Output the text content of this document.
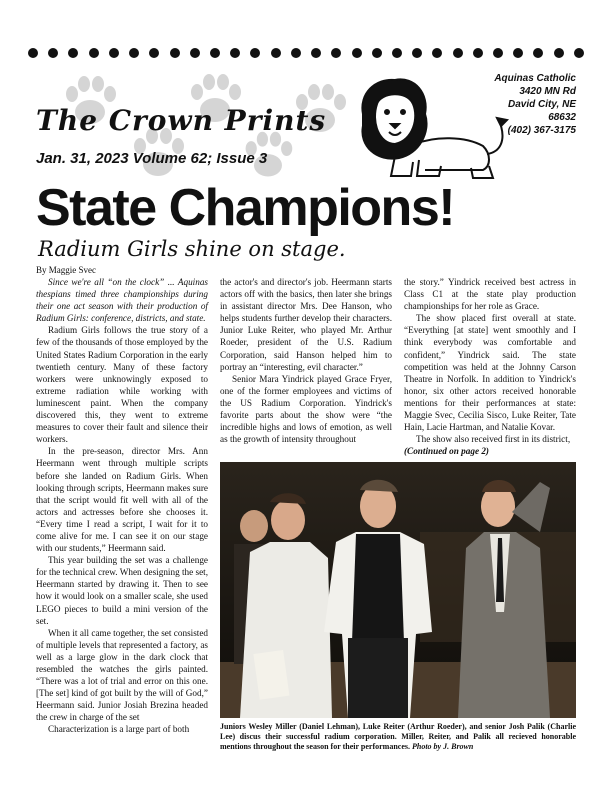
The Crown Prints
Jan. 31, 2023 Volume 62; Issue 3
Aquinas Catholic
3420 MN Rd
David City, NE
68632
(402) 367-3175
State Champions!
Radium Girls shine on stage.
By Maggie Svec

Since we're all “on the clock” ... Aquinas thespians timed three championships during their one act season with their production of Radium Girls: conference, districts, and state.

Radium Girls follows the true story of a few of the thousands of those employed by the United States Radium Corporation in the early twentieth century. Many of these factory workers were unknowingly exposed to extreme radiation while working with luminescent paint. When the company discovered this, they went to extreme measures to cover their fault and silence their workers.

In the pre-season, director Mrs. Ann Heermann went through multiple scripts before she landed on Radium Girls. When looking through scripts, Heermann makes sure that the script would fit well with all of the actors and actresses before she chooses it. “Every time I read a script, I wait for it to come alive for me. I can see it on our stage with our students,” Heermann said.

This year building the set was a challenge for the technical crew. When designing the set, Heermann started by drawing it. Then to see how it would look on a smaller scale, she used LEGO pieces to build a mini version of the set.

When it all came together, the set consisted of multiple levels that represented a factory, as well as a large glow in the dark clock that resembled the watches the girls painted. “There was a lot of trial and error on this one. [The set] kind of got built by the will of God,” Heermann said. Junior Josiah Brezina headed the crew in charge of the set

Characterization is a large part of both

the actor's and director's job. Heermann starts actors off with the basics, then later she brings in assistant director Mrs. Dee Hanson, who helps students further develop their characters. Junior Luke Reiter, who played Mr. Arthur Roeder, president of the U.S. Radium Corporation, said Hanson helped him to portray an “interesting, evil character.”

Senior Mara Yindrick played Grace Fryer, one of the former employees and victims of the US Radium Corporation. Yindrick's favorite parts about the show were “the incredible highs and lows of emotion, as well as the growth of intensity throughout

the story.” Yindrick received best actress in Class C1 at the state play production championships for her role as Grace.

The show placed first overall at state. “Everything [at state] went smoothly and I think everybody was comfortable and confident,” Yindrick said. The state competition was held at the Johnny Carson Theatre in Norfolk. In addition to Yindrick's honor, six other actors received honorable mentions for their performances at state: Maggie Svec, Cecilia Sisco, Luke Reiter, Tate Hain, Lacie Hartman, and Natalie Kovar.

The show also received first in its district,

(Continued on page 2)

Juniors Wesley Miller (Daniel Lehman), Luke Reiter (Arthur Roeder), and senior Josh Palik (Charlie Lee) discus their successful radium corporation. Miller, Reiter, and Palik all recieved honorable mentions throughout the season for their performances. Photo by J. Brown
